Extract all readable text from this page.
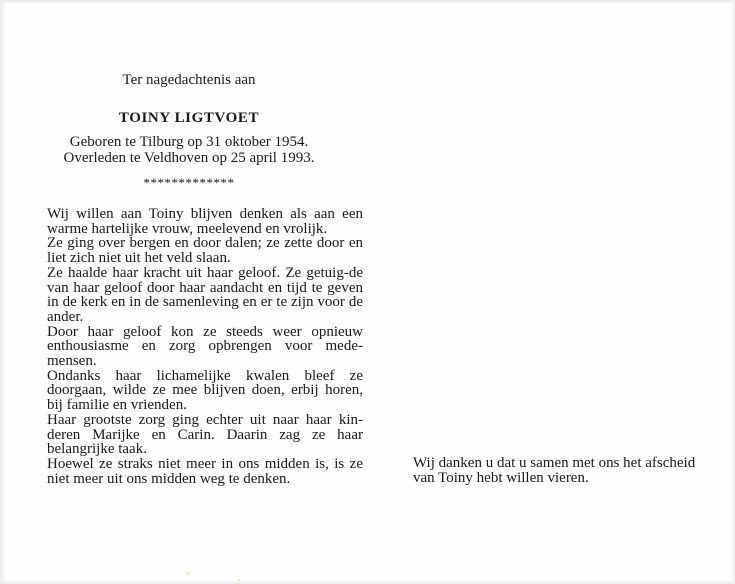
Ter nagedachtenis aan

TOINY LIGTVOET

Geboren te Tilburg op 31 oktober 1954.

Overleden te Veldhoven op 25 april 1993.

*************

Wij willen aan Toiny blijven denken als aan een warme hartelijke vrouw, meelevend en vrolijk.

Ze ging over bergen en door dalen; ze zette door en liet zich niet uit het veld slaan.

Ze haalde haar kracht uit haar geloof. Ze getuig-de van haar geloof door haar aandacht en tijd te geven in de kerk en in de samenleving en er te zijn voor de ander.

Door haar geloof kon ze steeds weer opnieuw enthousiasme en zorg opbrengen voor mede-mensen.

Ondanks haar lichamelijke kwalen bleef ze doorgaan, wilde ze mee blijven doen, erbij horen, bij familie en vrienden.

Haar grootste zorg ging echter uit naar haar kin-deren Marijke en Carin. Daarin zag ze haar belangrijke taak.

Hoewel ze straks niet meer in ons midden is, is ze niet meer uit ons midden weg te denken.

Wij danken u dat u samen met ons het afscheid
van Toiny hebt willen vieren.
